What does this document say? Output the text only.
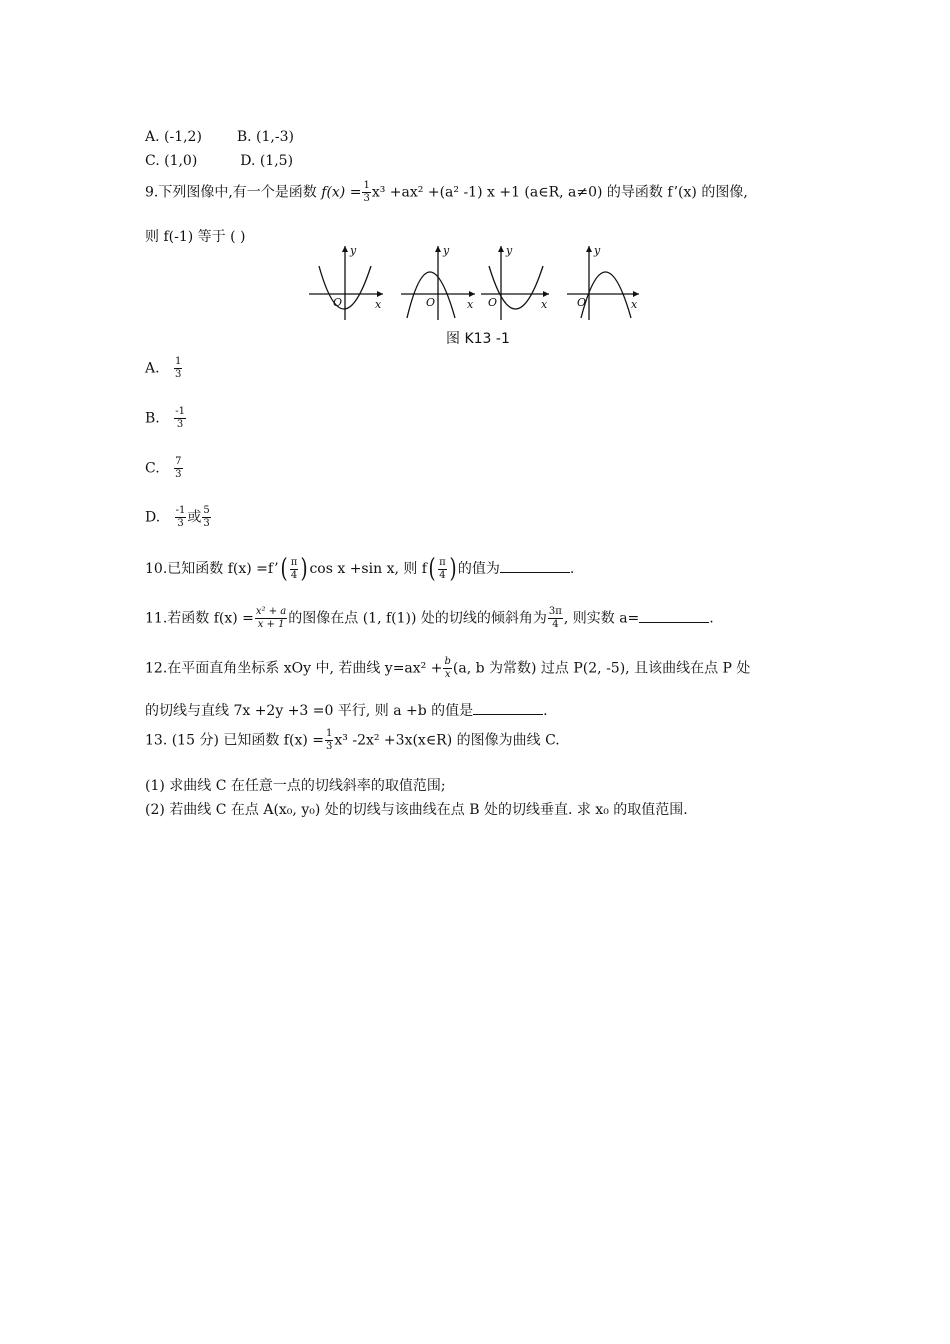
A. (-1,2) B. (1,-3)
C. (1,0)	D. (1,5)
9.下列图像中,有一个是函数 $f(x) = \frac{1}{3} x^3 +ax^2 +(a^2$ -1) x +1 (a∈R, a≠0) 的导函数 f’(x) 的图像,
则 f(-1) 等于 ( )
y
x
O
y
x
O
y
x
O
y
x
O
图 K13 -1
A. $\frac{1}{3}$
B. $\frac{-1}{3}$
C. $\frac{7}{3}$
D. $\frac{-1}{3}$ 或 $\frac{5}{3}$
10.已知函数 f(x) =f’( $\frac{\pi}{4}$ ) cos x +sin x, 则 $f( \frac{\pi}{4}$ ) 的值为	.
11.若函数 $f(x) = \frac{\text{x² + a}}{x + 1}$ 的图像在点 (1, f(1)) 处的切线的倾斜角为 $\frac{3\pi}{4}$ , 则实数 a=	.
12.在平面直角坐标系 xOy 中, 若曲线 $y=ax^2 + \frac{b}{x} (a$, b 为常数) 过点 P(2, -5), 且该曲线在点 P 处
的切线与直线 7x +2y +3 =0 平行, 则 a +b 的值是	.
13. (15 分) 已知函数 $f(x) = \frac{1}{3} x^3$ -2x² +3x(x∈R) 的图像为曲线 C.
(1) 求曲线 C 在任意一点的切线斜率的取值范围;
(2) 若曲线 C 在点 A(x₀, y₀) 处的切线与该曲线在点 B 处的切线垂直. 求 x₀ 的取值范围.
